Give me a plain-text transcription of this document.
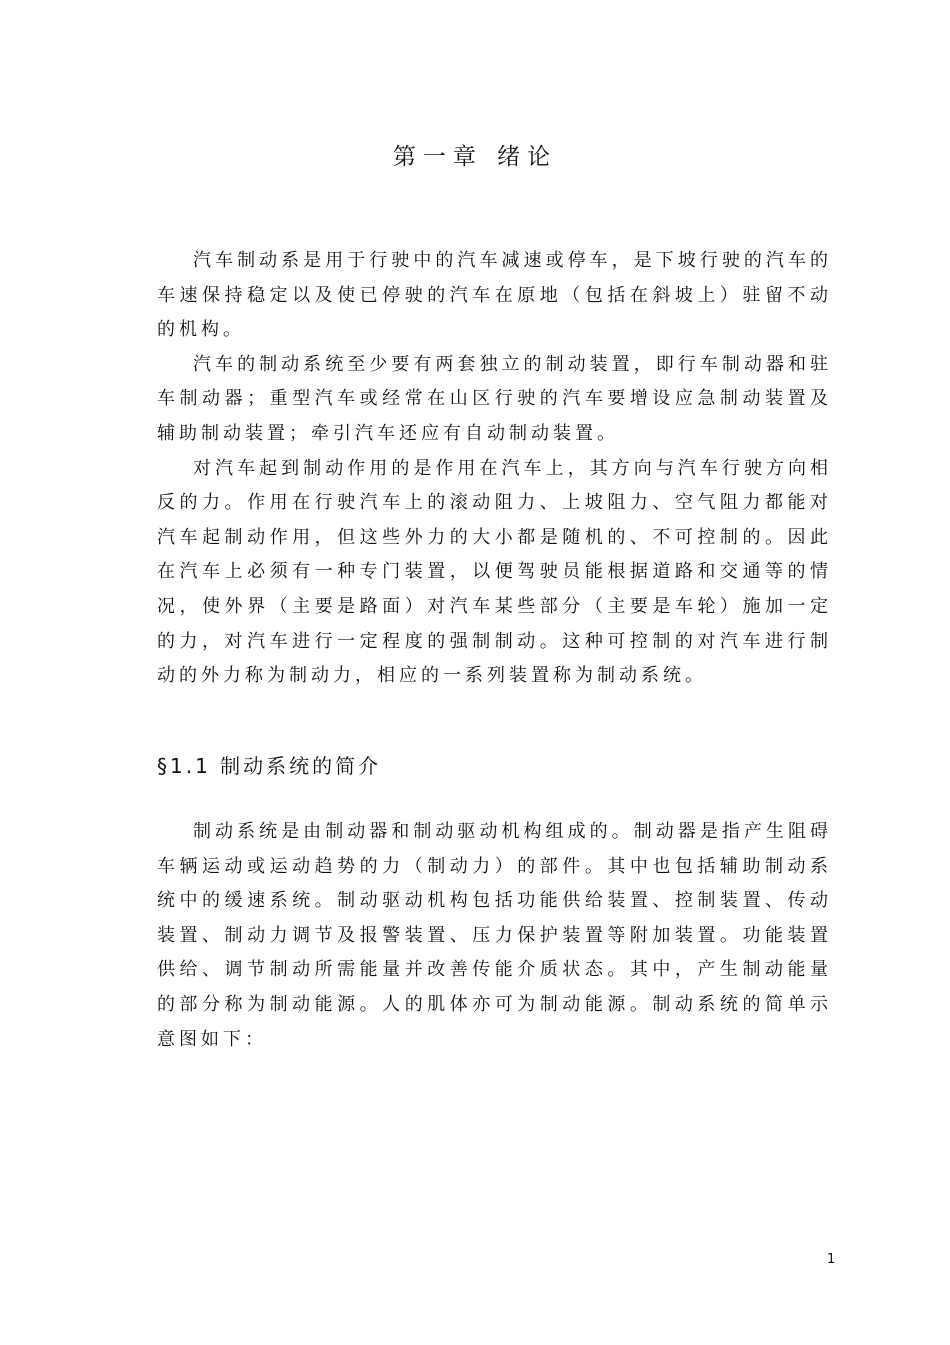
第一章 绪论

汽车制动系是用于行驶中的汽车减速或停车，是下坡行驶的汽车的车速保持稳定以及使已停驶的汽车在原地（包括在斜坡上）驻留不动的机构。

汽车的制动系统至少要有两套独立的制动装置，即行车制动器和驻车制动器；重型汽车或经常在山区行驶的汽车要增设应急制动装置及辅助制动装置；牵引汽车还应有自动制动装置。

对汽车起到制动作用的是作用在汽车上，其方向与汽车行驶方向相反的力。作用在行驶汽车上的滚动阻力、上坡阻力、空气阻力都能对汽车起制动作用，但这些外力的大小都是随机的、不可控制的。因此在汽车上必须有一种专门装置，以便驾驶员能根据道路和交通等的情况，使外界（主要是路面）对汽车某些部分（主要是车轮）施加一定的力，对汽车进行一定程度的强制制动。这种可控制的对汽车进行制动的外力称为制动力，相应的一系列装置称为制动系统。

§1.1 制动系统的简介

制动系统是由制动器和制动驱动机构组成的。制动器是指产生阻碍车辆运动或运动趋势的力（制动力）的部件。其中也包括辅助制动系统中的缓速系统。制动驱动机构包括功能供给装置、控制装置、传动装置、制动力调节及报警装置、压力保护装置等附加装置。功能装置供给、调节制动所需能量并改善传能介质状态。其中，产生制动能量的部分称为制动能源。人的肌体亦可为制动能源。制动系统的简单示意图如下：

1
